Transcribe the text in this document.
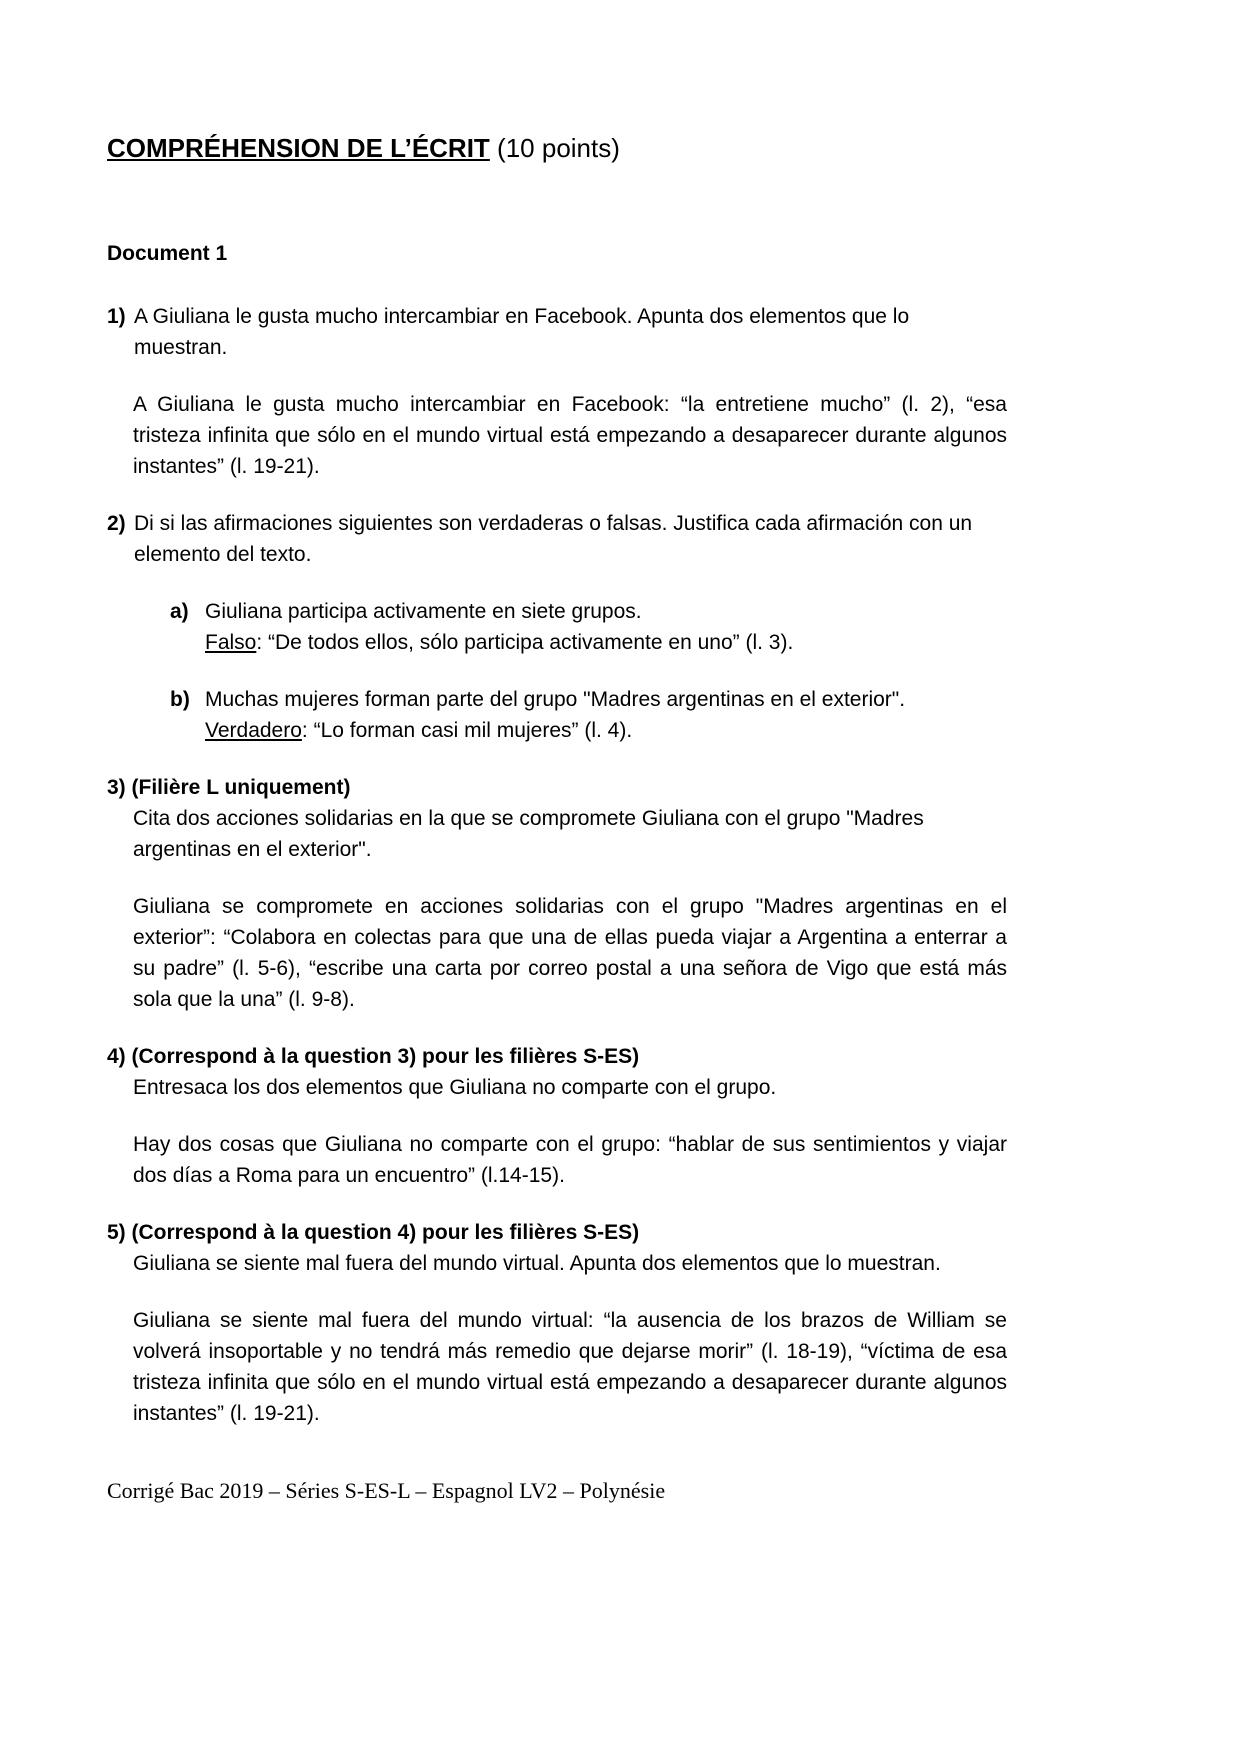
COMPRÉHENSION DE L’ÉCRIT (10 points)

Document 1

1) A Giuliana le gusta mucho intercambiar en Facebook. Apunta dos elementos que lo muestran.

A Giuliana le gusta mucho intercambiar en Facebook: “la entretiene mucho” (l. 2), “esa tristeza infinita que sólo en el mundo virtual está empezando a desaparecer durante algunos instantes” (l. 19-21).

2) Di si las afirmaciones siguientes son verdaderas o falsas. Justifica cada afirmación con un elemento del texto.
a) Giuliana participa activamente en siete grupos.
Falso: “De todos ellos, sólo participa activamente en uno” (l. 3).
b) Muchas mujeres forman parte del grupo "Madres argentinas en el exterior".
Verdadero: “Lo forman casi mil mujeres” (l. 4).

3) (Filière L uniquement)

Cita dos acciones solidarias en la que se compromete Giuliana con el grupo "Madres argentinas en el exterior".

Giuliana se compromete en acciones solidarias con el grupo "Madres argentinas en el exterior”: “Colabora en colectas para que una de ellas pueda viajar a Argentina a enterrar a su padre” (l. 5-6), “escribe una carta por correo postal a una señora de Vigo que está más sola que la una” (l. 9-8).

4) (Correspond à la question 3) pour les filières S-ES)

Entresaca los dos elementos que Giuliana no comparte con el grupo.

Hay dos cosas que Giuliana no comparte con el grupo: “hablar de sus sentimientos y viajar dos días a Roma para un encuentro” (l.14-15).

5) (Correspond à la question 4) pour les filières S-ES)

Giuliana se siente mal fuera del mundo virtual. Apunta dos elementos que lo muestran.

Giuliana se siente mal fuera del mundo virtual: “la ausencia de los brazos de William se volverá insoportable y no tendrá más remedio que dejarse morir” (l. 18-19), “víctima de esa tristeza infinita que sólo en el mundo virtual está empezando a desaparecer durante algunos instantes” (l. 19-21).

Corrigé Bac 2019 – Séries S-ES-L – Espagnol LV2 – Polynésie
